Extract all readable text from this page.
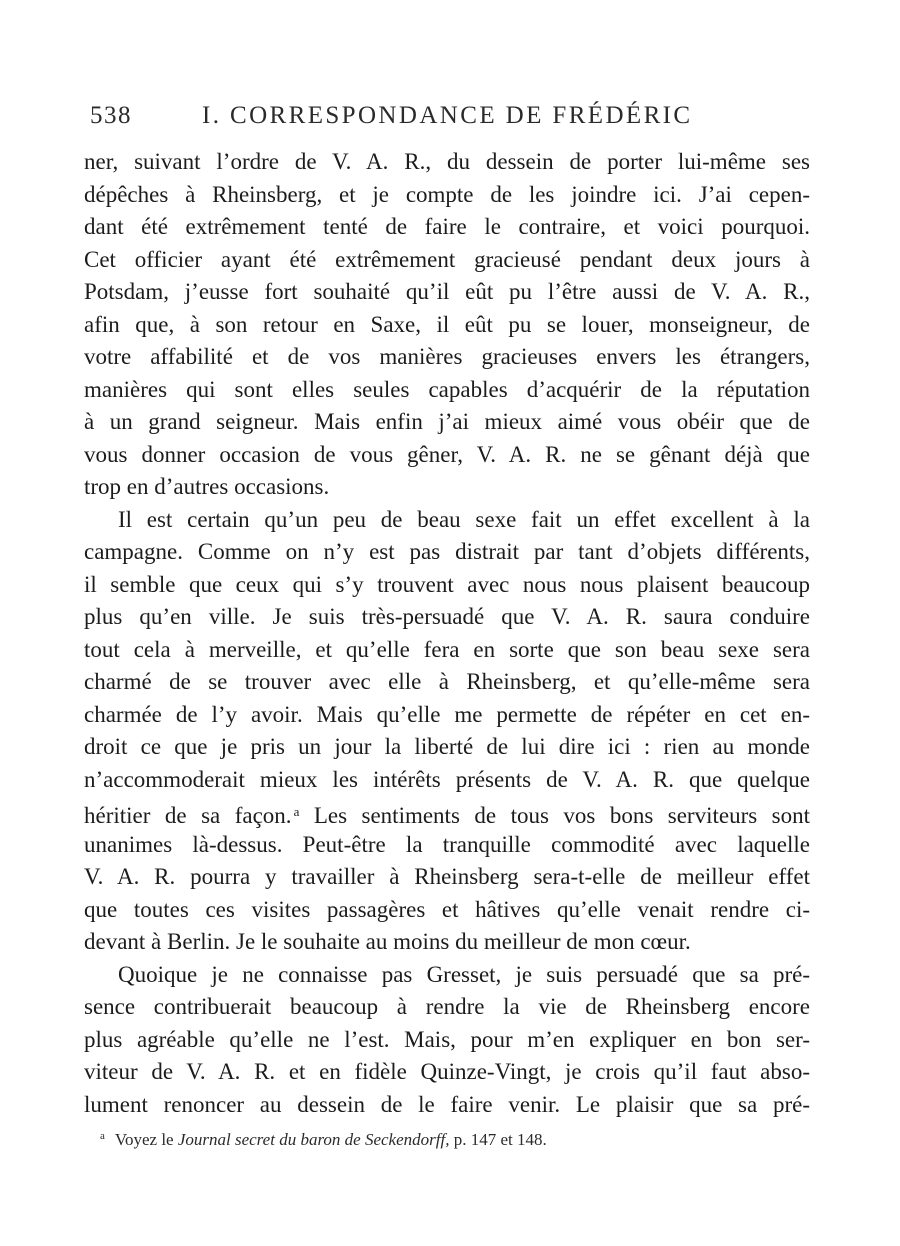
538	I. CORRESPONDANCE DE FRÉDÉRIC
ner, suivant l’ordre de V. A. R., du dessein de porter lui-même ses
dépêches à Rheinsberg, et je compte de les joindre ici. J’ai cepen-
dant été extrêmement tenté de faire le contraire, et voici pourquoi.
Cet officier ayant été extrêmement gracieusé pendant deux jours à
Potsdam, j’eusse fort souhaité qu’il eût pu l’être aussi de V. A. R.,
afin que, à son retour en Saxe, il eût pu se louer, monseigneur, de
votre affabilité et de vos manières gracieuses envers les étrangers,
manières qui sont elles seules capables d’acquérir de la réputation
à un grand seigneur. Mais enfin j’ai mieux aimé vous obéir que de
vous donner occasion de vous gêner, V. A. R. ne se gênant déjà que
trop en d’autres occasions.
Il est certain qu’un peu de beau sexe fait un effet excellent à la
campagne. Comme on n’y est pas distrait par tant d’objets différents,
il semble que ceux qui s’y trouvent avec nous nous plaisent beaucoup
plus qu’en ville. Je suis très-persuadé que V. A. R. saura conduire
tout cela à merveille, et qu’elle fera en sorte que son beau sexe sera
charmé de se trouver avec elle à Rheinsberg, et qu’elle-même sera
charmée de l’y avoir. Mais qu’elle me permette de répéter en cet en-
droit ce que je pris un jour la liberté de lui dire ici : rien au monde
n’accommoderait mieux les intérêts présents de V. A. R. que quelque
héritier de sa façon. $^a$ Les sentiments de tous vos bons serviteurs sont
unanimes là-dessus. Peut-être la tranquille commodité avec laquelle
V. A. R. pourra y travailler à Rheinsberg sera-t-elle de meilleur effet
que toutes ces visites passagères et hâtives qu’elle venait rendre ci-
devant à Berlin. Je le souhaite au moins du meilleur de mon cœur.
Quoique je ne connaisse pas Gresset, je suis persuadé que sa pré-
sence contribuerait beaucoup à rendre la vie de Rheinsberg encore
plus agréable qu’elle ne l’est. Mais, pour m’en expliquer en bon ser-
viteur de V. A. R. et en fidèle Quinze-Vingt, je crois qu’il faut abso-
lument renoncer au dessein de le faire venir. Le plaisir que sa pré-
$^a$ Voyez le Journal secret du baron de Seckendorff, p. 147 et 148.
